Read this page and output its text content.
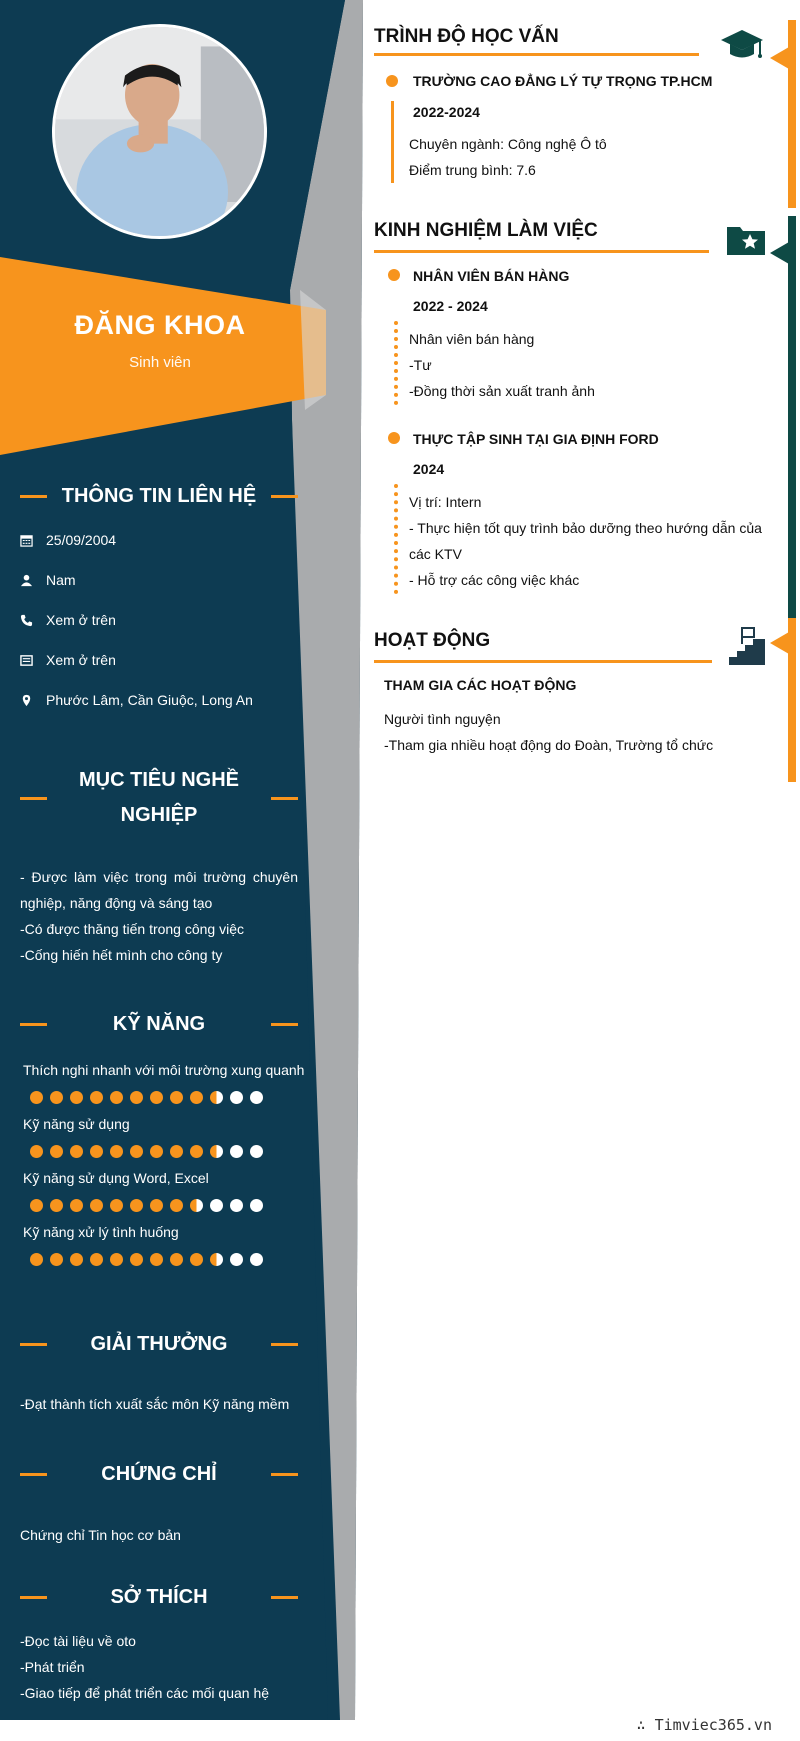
ĐĂNG KHOA
Sinh viên
THÔNG TIN LIÊN HỆ
25/09/2004
Nam
Xem ở trên
Xem ở trên
Phước Lâm, Cần Giuộc, Long An
MỤC TIÊU NGHỀ
NGHIỆP
- Được làm việc trong môi trường chuyên nghiệp, năng động và sáng tạo
-Có được thăng tiến trong công việc
-Cống hiến hết mình cho công ty
KỸ NĂNG
Thích nghi nhanh với môi trường xung quanh
Kỹ năng sử dụng
Kỹ năng sử dụng Word, Excel
Kỹ năng xử lý tình huống
GIẢI THƯỞNG
-Đạt thành tích xuất sắc môn Kỹ năng mềm
CHỨNG CHỈ
Chứng chỉ Tin học cơ bản
SỞ THÍCH
-Đọc tài liệu về oto
-Phát triển
-Giao tiếp để phát triển các mối quan hệ
TRÌNH ĐỘ HỌC VẤN
TRƯỜNG CAO ĐẲNG LÝ TỰ TRỌNG TP.HCM
2022-2024
Chuyên ngành: Công nghệ Ô tô
Điểm trung bình: 7.6
KINH NGHIỆM LÀM VIỆC
NHÂN VIÊN BÁN HÀNG
2022 - 2024
Nhân viên bán hàng
-Tư
-Đồng thời sản xuất tranh ảnh
THỰC TẬP SINH TẠI GIA ĐỊNH FORD
2024
Vị trí: Intern
- Thực hiện tốt quy trình bảo dưỡng theo hướng dẫn của
các KTV
- Hỗ trợ các công việc khác
HOẠT ĐỘNG
THAM GIA CÁC HOẠT ĐỘNG
Người tình nguyện
-Tham gia nhiều hoạt động do Đoàn, Trường tổ chức
∴ Timviec365.vn
